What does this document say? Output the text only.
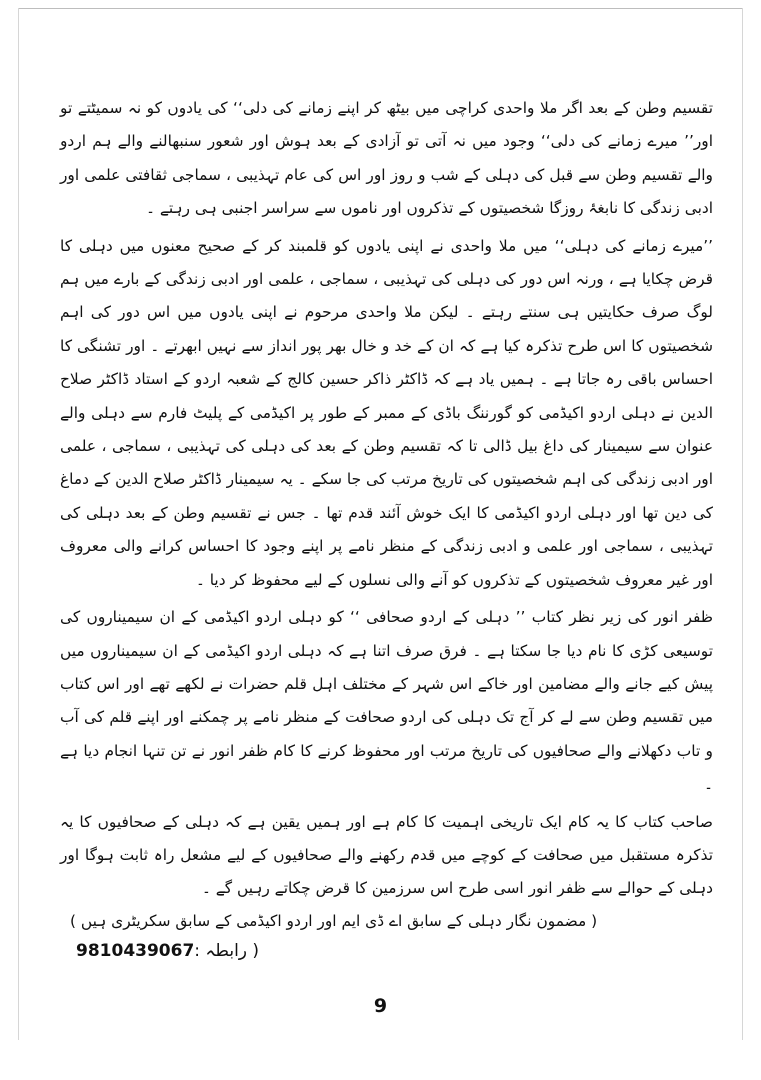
تقسیم وطن کے بعد اگر ملا واحدی کراچی میں بیٹھ کر اپنے زمانے کی دلی‘‘ کی یادوں کو نہ سمیٹتے تو اور’’ میرے زمانے کی دلی‘‘ وجود میں نہ آتی تو آزادی کے بعد ہوش اور شعور سنبھالنے والے ہم اردو والے تقسیم وطن سے قبل کی دہلی کے شب و روز اور اس کی عام تہذیبی ، سماجی ثقافتی علمی اور ادبی زندگی کا نابغۂ روزگا شخصیتوں کے تذکروں اور ناموں سے سراسر اجنبی ہی رہتے ۔

’’میرے زمانے کی دہلی‘‘ میں ملا واحدی نے اپنی یادوں کو قلمبند کر کے صحیح معنوں میں دہلی کا قرض چکایا ہے ، ورنہ اس دور کی دہلی کی تہذیبی ، سماجی ، علمی اور ادبی زندگی کے بارے میں ہم لوگ صرف حکایتیں ہی سنتے رہتے ۔ لیکن ملا واحدی مرحوم نے اپنی یادوں میں اس دور کی اہم شخصیتوں کا اس طرح تذکرہ کیا ہے کہ ان کے خد و خال بھر پور انداز سے نہیں ابھرتے ۔ اور تشنگی کا احساس باقی رہ جاتا ہے ۔ ہمیں یاد ہے کہ ڈاکٹر ذاکر حسین کالج کے شعبہ اردو کے استاد ڈاکٹر صلاح الدین نے دہلی اردو اکیڈمی کو گورننگ باڈی کے ممبر کے طور پر اکیڈمی کے پلیٹ فارم سے دہلی والے عنوان سے سیمینار کی داغ بیل ڈالی تا کہ تقسیم وطن کے بعد کی دہلی کی تہذیبی ، سماجی ، علمی اور ادبی زندگی کی اہم شخصیتوں کی تاریخ مرتب کی جا سکے ۔ یہ سیمینار ڈاکٹر صلاح الدین کے دماغ کی دین تھا اور دہلی اردو اکیڈمی کا ایک خوش آئند قدم تھا ۔ جس نے تقسیم وطن کے بعد دہلی کی تہذیبی ، سماجی اور علمی و ادبی زندگی کے منظر نامے پر اپنے وجود کا احساس کرانے والی معروف اور غیر معروف شخصیتوں کے تذکروں کو آنے والی نسلوں کے لیے محفوظ کر دیا ۔

ظفر انور کی زیر نظر کتاب ’’ دہلی کے اردو صحافی ‘‘ کو دہلی اردو اکیڈمی کے ان سیمیناروں کی توسیعی کڑی کا نام دیا جا سکتا ہے ۔ فرق صرف اتنا ہے کہ دہلی اردو اکیڈمی کے ان سیمیناروں میں پیش کیے جانے والے مضامین اور خاکے اس شہر کے مختلف اہل قلم حضرات نے لکھے تھے اور اس کتاب میں تقسیم وطن سے لے کر آج تک دہلی کی اردو صحافت کے منظر نامے پر چمکنے اور اپنے قلم کی آب و تاب دکھلانے والے صحافیوں کی تاریخ مرتب اور محفوظ کرنے کا کام ظفر انور نے تن تنہا انجام دیا ہے ۔

صاحب کتاب کا یہ کام ایک تاریخی اہمیت کا کام ہے اور ہمیں یقین ہے کہ دہلی کے صحافیوں کا یہ تذکرہ مستقبل میں صحافت کے کوچے میں قدم رکھنے والے صحافیوں کے لیے مشعل راہ ثابت ہوگا اور دہلی کے حوالے سے ظفر انور اسی طرح اس سرزمین کا قرض چکاتے رہیں گے ۔

( مضمون نگار دہلی کے سابق اے ڈی ایم اور اردو اکیڈمی کے سابق سکریٹری ہیں )

9810439067( رابطہ :
9
